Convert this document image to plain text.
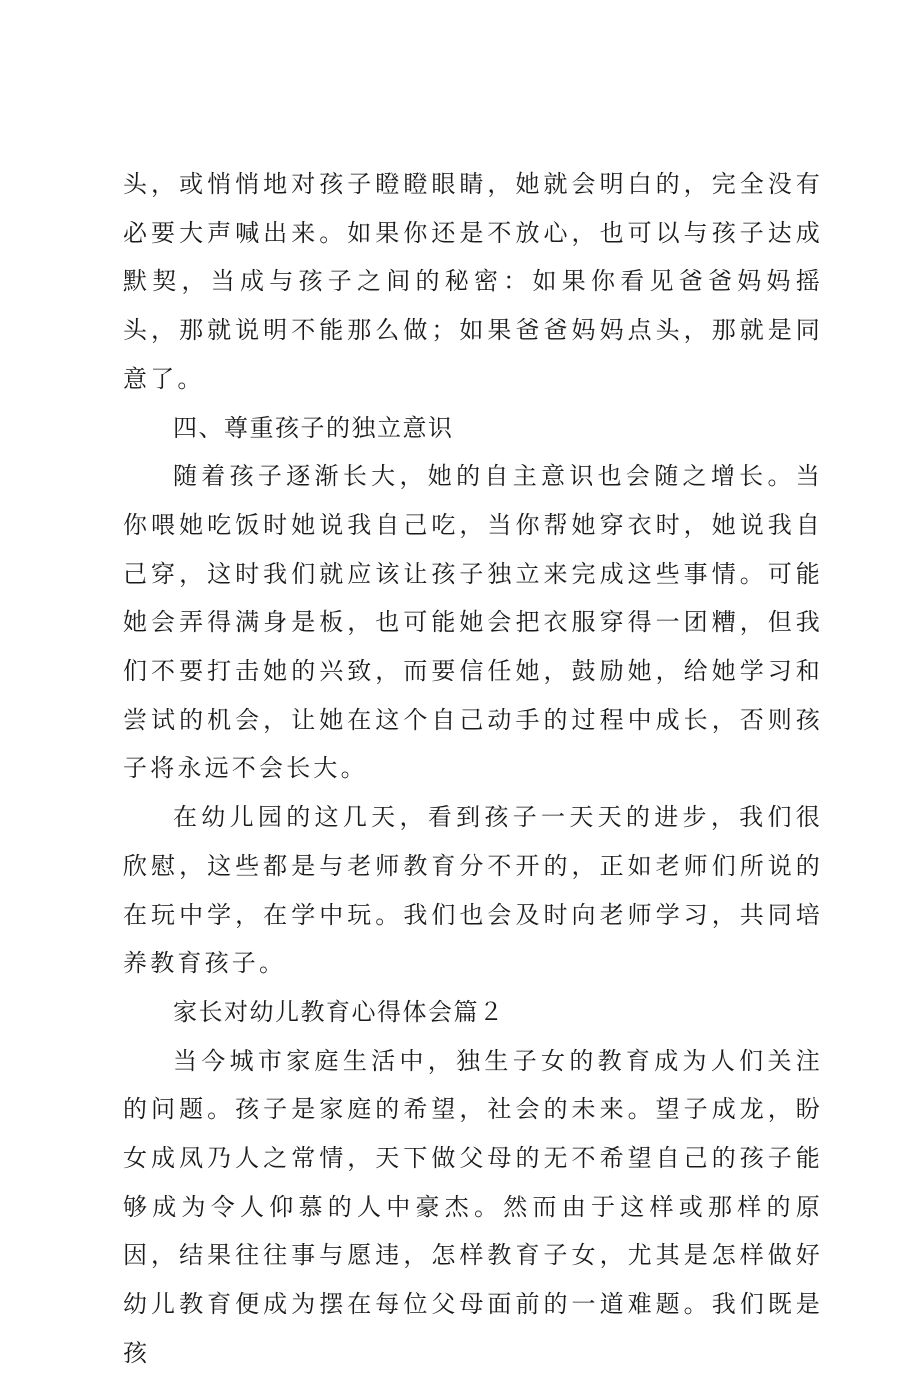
头，或悄悄地对孩子瞪瞪眼睛，她就会明白的，完全没有必要大声喊出来。如果你还是不放心，也可以与孩子达成默契，当成与孩子之间的秘密：如果你看见爸爸妈妈摇头，那就说明不能那么做；如果爸爸妈妈点头，那就是同意了。

四、尊重孩子的独立意识

随着孩子逐渐长大，她的自主意识也会随之增长。当你喂她吃饭时她说我自己吃，当你帮她穿衣时，她说我自己穿，这时我们就应该让孩子独立来完成这些事情。可能她会弄得满身是板，也可能她会把衣服穿得一团糟，但我们不要打击她的兴致，而要信任她，鼓励她，给她学习和尝试的机会，让她在这个自己动手的过程中成长，否则孩子将永远不会长大。

在幼儿园的这几天，看到孩子一天天的进步，我们很欣慰，这些都是与老师教育分不开的，正如老师们所说的在玩中学，在学中玩。我们也会及时向老师学习，共同培养教育孩子。

家长对幼儿教育心得体会篇２

当今城市家庭生活中，独生子女的教育成为人们关注的问题。孩子是家庭的希望，社会的未来。望子成龙，盼女成凤乃人之常情，天下做父母的无不希望自己的孩子能够成为令人仰慕的人中豪杰。然而由于这样或那样的原因，结果往往事与愿违，怎样教育子女，尤其是怎样做好幼儿教育便成为摆在每位父母面前的一道难题。我们既是孩
